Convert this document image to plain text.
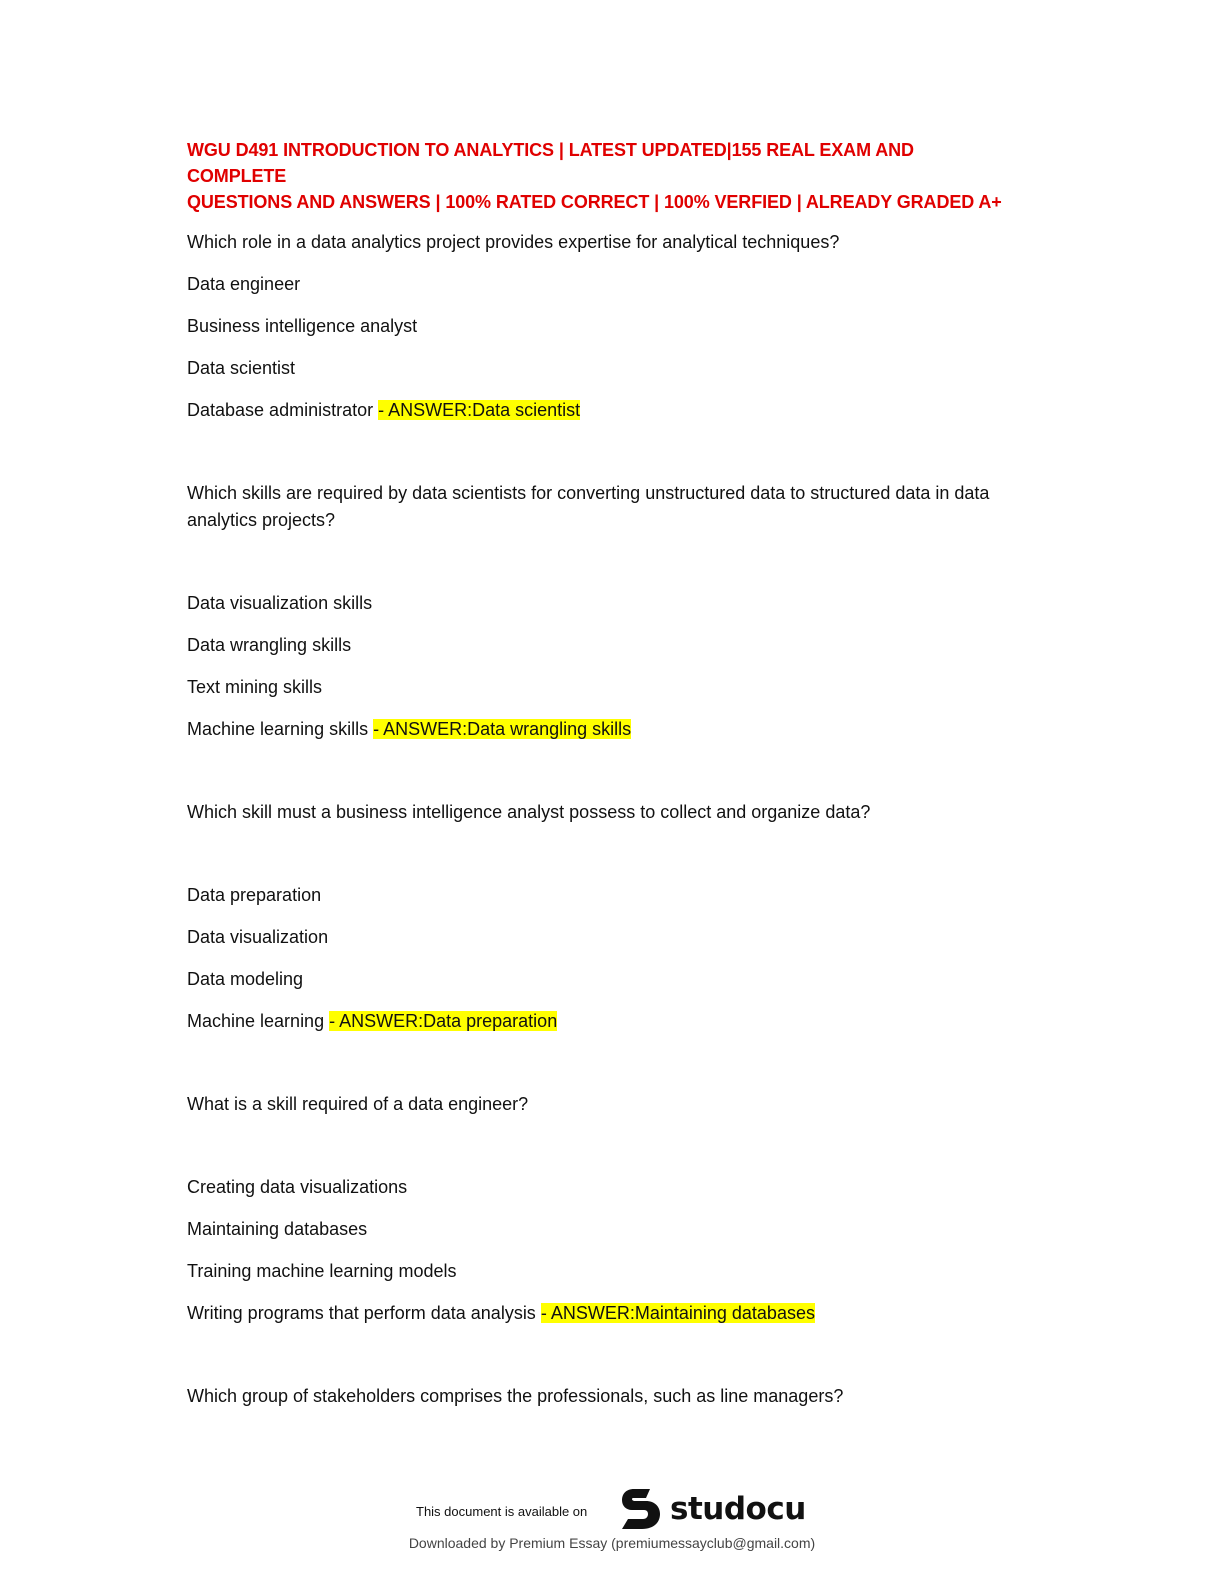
WGU D491 INTRODUCTION TO ANALYTICS | LATEST UPDATED|155 REAL EXAM AND COMPLETE
QUESTIONS AND ANSWERS | 100% RATED CORRECT | 100% VERFIED | ALREADY GRADED A+

Which role in a data analytics project provides expertise for analytical techniques?

Data engineer

Business intelligence analyst

Data scientist

Database administrator - ANSWER:Data scientist

Which skills are required by data scientists for converting unstructured data to structured data in data analytics projects?

Data visualization skills

Data wrangling skills

Text mining skills

Machine learning skills - ANSWER:Data wrangling skills

Which skill must a business intelligence analyst possess to collect and organize data?

Data preparation

Data visualization

Data modeling

Machine learning - ANSWER:Data preparation

What is a skill required of a data engineer?

Creating data visualizations

Maintaining databases

Training machine learning models

Writing programs that perform data analysis - ANSWER:Maintaining databases

Which group of stakeholders comprises the professionals, such as line managers?

This document is available on	studocu
Downloaded by Premium Essay (premiumessayclub@gmail.com)
